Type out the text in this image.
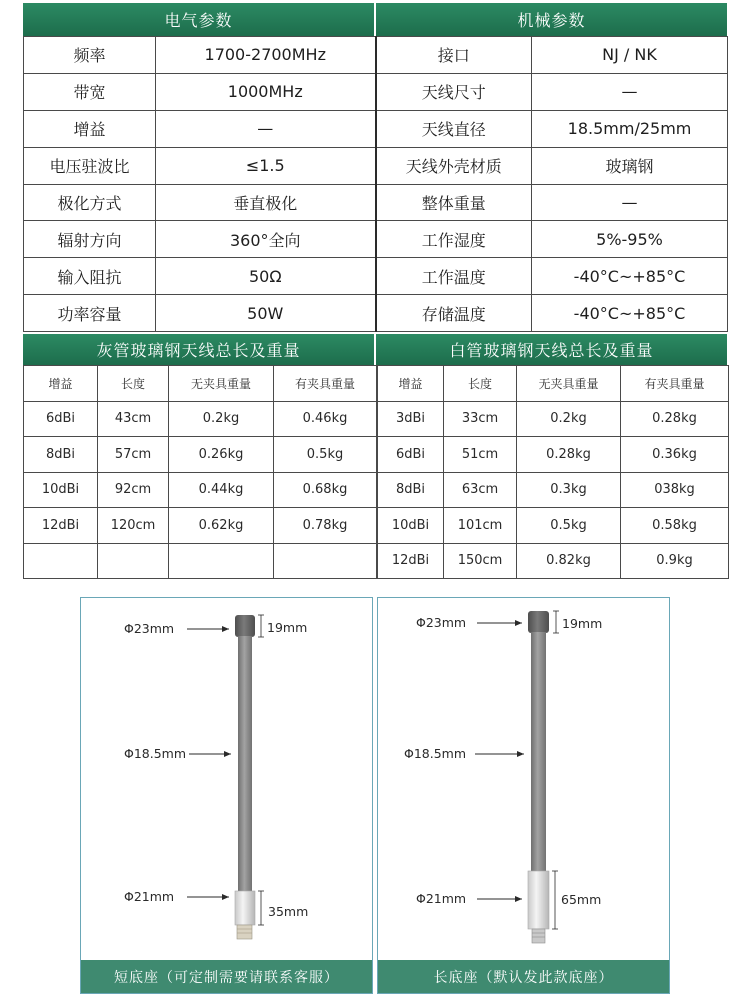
电气参数	机械参数
频率	1700-2700MHz	接口	NJ / NK
带宽	1000MHz	天线尺寸	—
增益	—	天线直径	18.5mm/25mm
电压驻波比	≤1.5	天线外壳材质	玻璃钢
极化方式	垂直极化	整体重量	—
辐射方向	360°全向	工作湿度	5%-95%
输入阻抗	50Ω	工作温度	-40°C~+85°C
功率容量	50W	存储温度	-40°C~+85°C
灰管玻璃钢天线总长及重量	白管玻璃钢天线总长及重量
增益	长度	无夹具重量	有夹具重量
6dBi	43cm	0.2kg	0.46kg
8dBi	57cm	0.26kg	0.5kg
10dBi	92cm	0.44kg	0.68kg
12dBi	120cm	0.62kg	0.78kg

增益	长度	无夹具重量	有夹具重量
3dBi	33cm	0.2kg	0.28kg
6dBi	51cm	0.28kg	0.36kg
8dBi	63cm	0.3kg	038kg
10dBi	101cm	0.5kg	0.58kg
12dBi	150cm	0.82kg	0.9kg
Φ23mm	19mm
Φ18.5mm
Φ21mm
35mm
短底座（可定制需要请联系客服）
Φ23mm	19mm
Φ18.5mm
Φ21mm	65mm
长底座（默认发此款底座）
